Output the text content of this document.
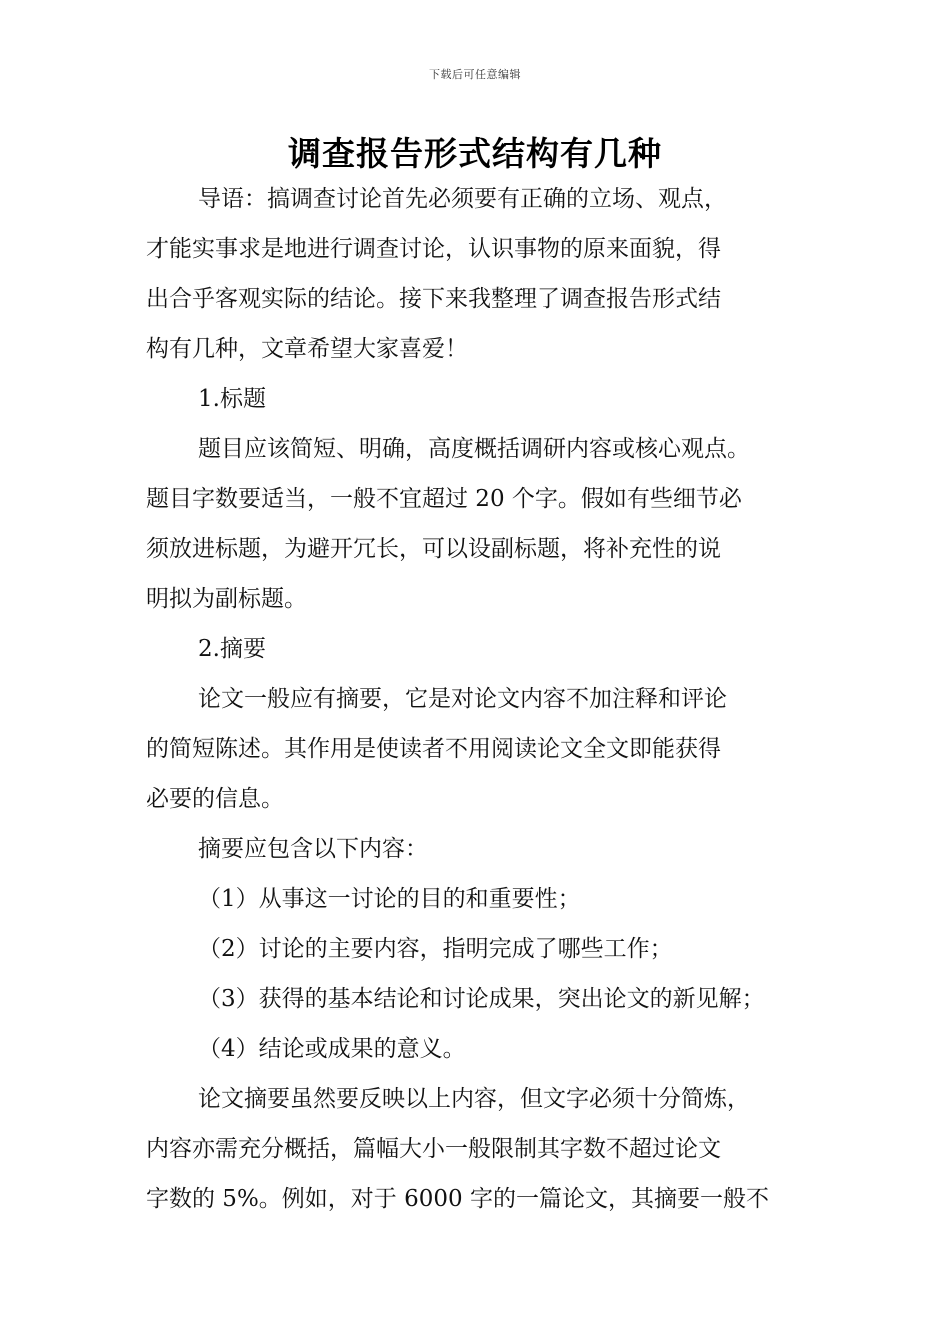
下载后可任意编辑
调查报告形式结构有几种
导语：搞调查讨论首先必须要有正确的立场、观点，
才能实事求是地进行调查讨论，认识事物的原来面貌，得
出合乎客观实际的结论。接下来我整理了调查报告形式结
构有几种，文章希望大家喜爱！
1.标题
题目应该简短、明确，高度概括调研内容或核心观点。
题目字数要适当，一般不宜超过 20 个字。假如有些细节必
须放进标题，为避开冗长，可以设副标题，将补充性的说
明拟为副标题。
2.摘要
论文一般应有摘要，它是对论文内容不加注释和评论
的简短陈述。其作用是使读者不用阅读论文全文即能获得
必要的信息。
摘要应包含以下内容：
（1）从事这一讨论的目的和重要性；
（2）讨论的主要内容，指明完成了哪些工作；
（3）获得的基本结论和讨论成果，突出论文的新见解；
（4）结论或成果的意义。
论文摘要虽然要反映以上内容，但文字必须十分简炼，
内容亦需充分概括，篇幅大小一般限制其字数不超过论文
字数的 5%。例如，对于 6000 字的一篇论文，其摘要一般不
